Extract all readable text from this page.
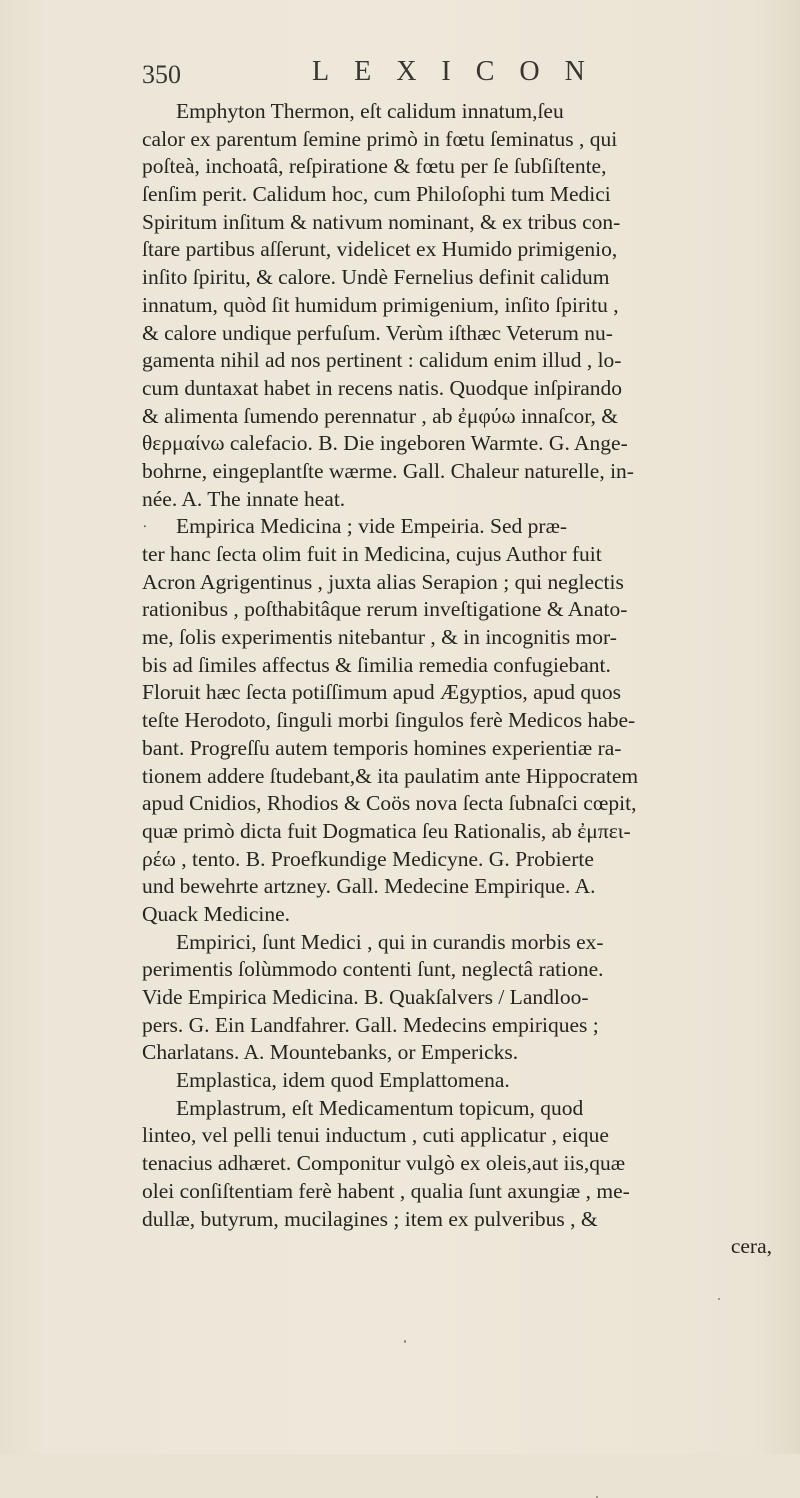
350	LEXICON
⸳
Emphyton Thermon, eſt calidum innatum,ſeu
calor ex parentum ſemine primò in fœtu ſeminatus , qui
poſteà, inchoatâ, reſpiratione & fœtu per ſe ſubſiſtente,
ſenſim perit. Calidum hoc, cum Philoſophi tum Medici
Spiritum inſitum & nativum nominant, & ex tribus con-
ſtare partibus aſſerunt, videlicet ex Humido primigenio,
inſito ſpiritu, & calore. Undè Fernelius definit calidum
innatum, quòd ſit humidum primigenium, inſito ſpiritu ,
& calore undique perfuſum. Verùm iſthæc Veterum nu-
gamenta nihil ad nos pertinent : calidum enim illud , lo-
cum duntaxat habet in recens natis. Quodque inſpirando
& alimenta ſumendo perennatur , ab ἐμφύω innaſcor, &
θερμαίνω calefacio. B. Die ingeboren Warmte. G. Ange-
bohrne, eingeplantſte wærme. Gall. Chaleur naturelle, in-
née. A. The innate heat.
Empirica Medicina ; vide Empeiria. Sed præ-
ter hanc ſecta olim fuit in Medicina, cujus Author fuit
Acron Agrigentinus , juxta alias Serapion ; qui neglectis
rationibus , poſthabitâque rerum inveſtigatione & Anato-
me, ſolis experimentis nitebantur , & in incognitis mor-
bis ad ſimiles affectus & ſimilia remedia confugiebant.
Floruit hæc ſecta potiſſimum apud Ægyptios, apud quos
teſte Herodoto, ſinguli morbi ſingulos ferè Medicos habe-
bant. Progreſſu autem temporis homines experientiæ ra-
tionem addere ſtudebant,& ita paulatim ante Hippocratem
apud Cnidios, Rhodios & Coös nova ſecta ſubnaſci cœpit,
quæ primò dicta fuit Dogmatica ſeu Rationalis, ab ἐμπει-
ρέω , tento. B. Proefkundige Medicyne. G. Probierte
und bewehrte artzney. Gall. Medecine Empirique. A.
Quack Medicine.
Empirici, ſunt Medici , qui in curandis morbis ex-
perimentis ſolùmmodo contenti ſunt, neglectâ ratione.
Vide Empirica Medicina. B. Quakſalvers / Landloo-
pers. G. Ein Landfahrer. Gall. Medecins empiriques ;
Charlatans. A. Mountebanks, or Empericks.
Emplastica, idem quod Emplattomena.
Emplastrum, eſt Medicamentum topicum, quod
linteo, vel pelli tenui inductum , cuti applicatur , eique
tenacius adhæret. Componitur vulgò ex oleis,aut iis,quæ
olei conſiſtentiam ferè habent , qualia ſunt axungiæ , me-
dullæ, butyrum, mucilagines ; item ex pulveribus , &
cera,
